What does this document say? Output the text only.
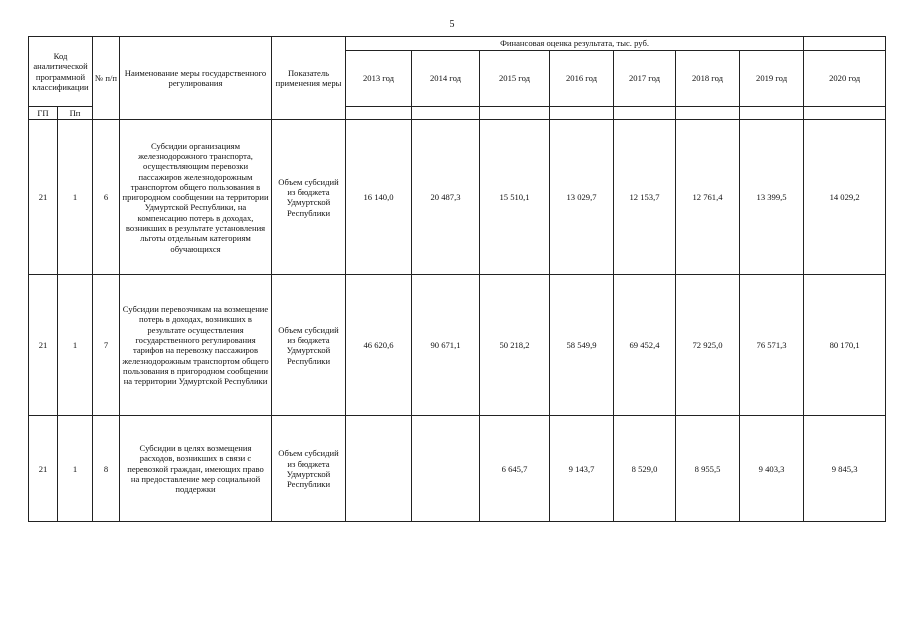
5
Код аналитической программной классификации		№ п/п	Наименование меры государственного регулирования	Показатель применения меры	Финансовая оценка результата, тыс. руб.							
					2013 год	2014 год	2015 год	2016 год	2017 год	2018 год	2019 год	2020 год
ГП	Пп											
21	1	6	Субсидии организациям железнодорожного транспорта, осуществляющим перевозки пассажиров железнодорожным транспортом общего пользования в пригородном сообщении на территории Удмуртской Республики, на компенсацию потерь в доходах, возникших в результате установления льготы отдельным категориям обучающихся	Объем субсидий из бюджета Удмуртской Республики	16 140,0	20 487,3	15 510,1	13 029,7	12 153,7	12 761,4	13 399,5	14 029,2
21	1	7	Субсидии перевозчикам на возмещение потерь в доходах, возникших в результате осуществления государственного регулирования тарифов на перевозку пассажиров железнодорожным транспортом общего пользования в пригородном сообщении на территории Удмуртской Республики	Объем субсидий из бюджета Удмуртской Республики	46 620,6	90 671,1	50 218,2	58 549,9	69 452,4	72 925,0	76 571,3	80 170,1
21	1	8	Субсидии в целях возмещения расходов, возникших в связи с перевозкой граждан, имеющих право на предоставление мер социальной поддержки	Объем субсидий из бюджета Удмуртской Республики			6 645,7	9 143,7	8 529,0	8 955,5	9 403,3	9 845,3
